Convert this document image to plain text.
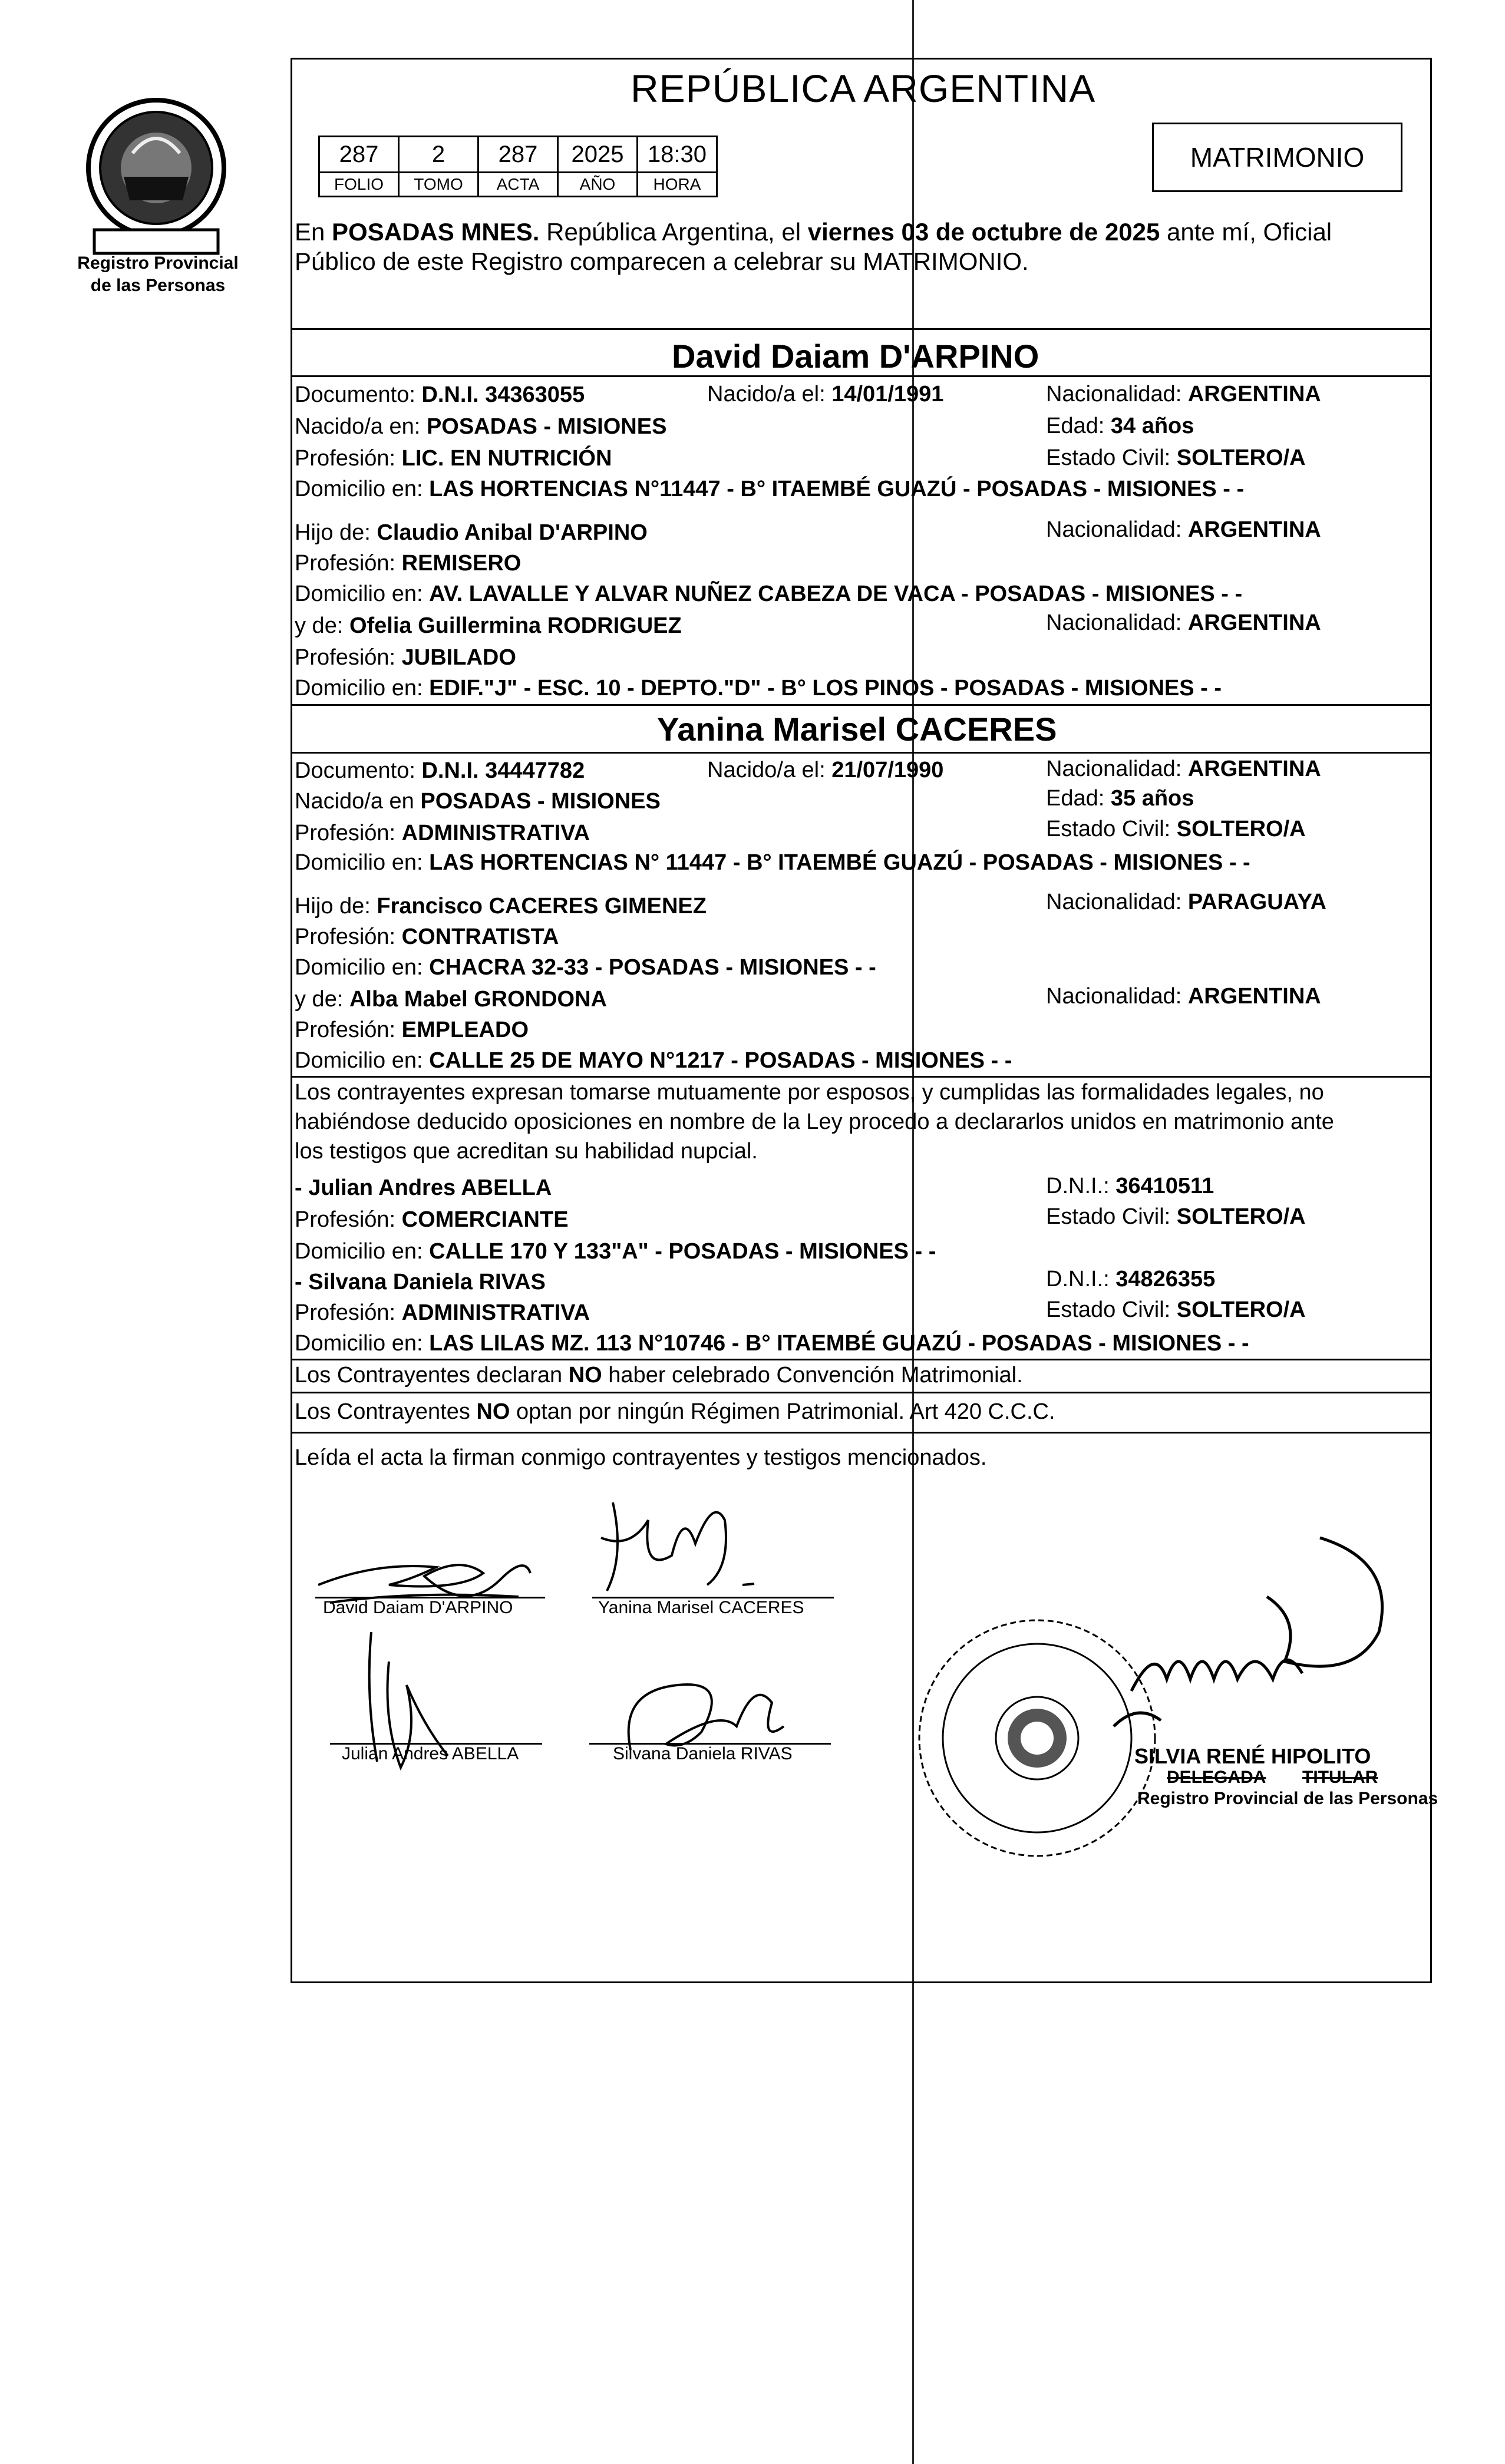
Registro Provincial
de las Personas
REPÚBLICA ARGENTINA
287	2	287	2025	18:30
FOLIO	TOMO	ACTA	AÑO	HORA
MATRIMONIO
En POSADAS MNES. República Argentina, el viernes 03 de octubre de 2025 ante mí, Oficial
Público de este Registro comparecen a celebrar su MATRIMONIO.
David Daiam D'ARPINO
Documento: D.N.I. 34363055	Nacido/a el: 14/01/1991	Nacionalidad: ARGENTINA
Nacido/a en: POSADAS - MISIONES	Edad: 34 años
Profesión: LIC. EN NUTRICIÓN	Estado Civil: SOLTERO/A
Domicilio en: LAS HORTENCIAS N°11447 - B° ITAEMBÉ GUAZÚ - POSADAS - MISIONES - -
Hijo de: Claudio Anibal D'ARPINO	Nacionalidad: ARGENTINA
Profesión: REMISERO
Domicilio en: AV. LAVALLE Y ALVAR NUÑEZ CABEZA DE VACA - POSADAS - MISIONES - -
y de: Ofelia Guillermina RODRIGUEZ	Nacionalidad: ARGENTINA
Profesión: JUBILADO
Domicilio en: EDIF."J" - ESC. 10 - DEPTO."D" - B° LOS PINOS - POSADAS - MISIONES - -
Yanina Marisel CACERES
Documento: D.N.I. 34447782	Nacido/a el: 21/07/1990	Nacionalidad: ARGENTINA
Nacido/a en POSADAS - MISIONES	Edad: 35 años
Profesión: ADMINISTRATIVA	Estado Civil: SOLTERO/A
Domicilio en: LAS HORTENCIAS N° 11447 - B° ITAEMBÉ GUAZÚ - POSADAS - MISIONES - -
Hijo de: Francisco CACERES GIMENEZ	Nacionalidad: PARAGUAYA
Profesión: CONTRATISTA
Domicilio en: CHACRA 32-33 - POSADAS - MISIONES - -
y de: Alba Mabel GRONDONA	Nacionalidad: ARGENTINA
Profesión: EMPLEADO
Domicilio en: CALLE 25 DE MAYO N°1217 - POSADAS - MISIONES - -
Los contrayentes expresan tomarse mutuamente por esposos, y cumplidas las formalidades legales, no
habiéndose deducido oposiciones en nombre de la Ley procedo a declararlos unidos en matrimonio ante
los testigos que acreditan su habilidad nupcial.
- Julian Andres ABELLA	D.N.I.: 36410511
Profesión: COMERCIANTE	Estado Civil: SOLTERO/A
Domicilio en: CALLE 170 Y 133"A" - POSADAS - MISIONES - -
- Silvana Daniela RIVAS	D.N.I.: 34826355
Profesión: ADMINISTRATIVA	Estado Civil: SOLTERO/A
Domicilio en: LAS LILAS MZ. 113 N°10746 - B° ITAEMBÉ GUAZÚ - POSADAS - MISIONES - -
Los Contrayentes declaran NO haber celebrado Convención Matrimonial.
Los Contrayentes NO optan por ningún Régimen Patrimonial. Art 420 C.C.C.
Leída el acta la firman conmigo contrayentes y testigos mencionados.
David Daiam D'ARPINO	Yanina Marisel CACERES
Julian Andres ABELLA	Silvana Daniela RIVAS	SILVIA RENÉ HIPOLITO
DELEGADA TITULAR
Registro Provincial de las Personas
